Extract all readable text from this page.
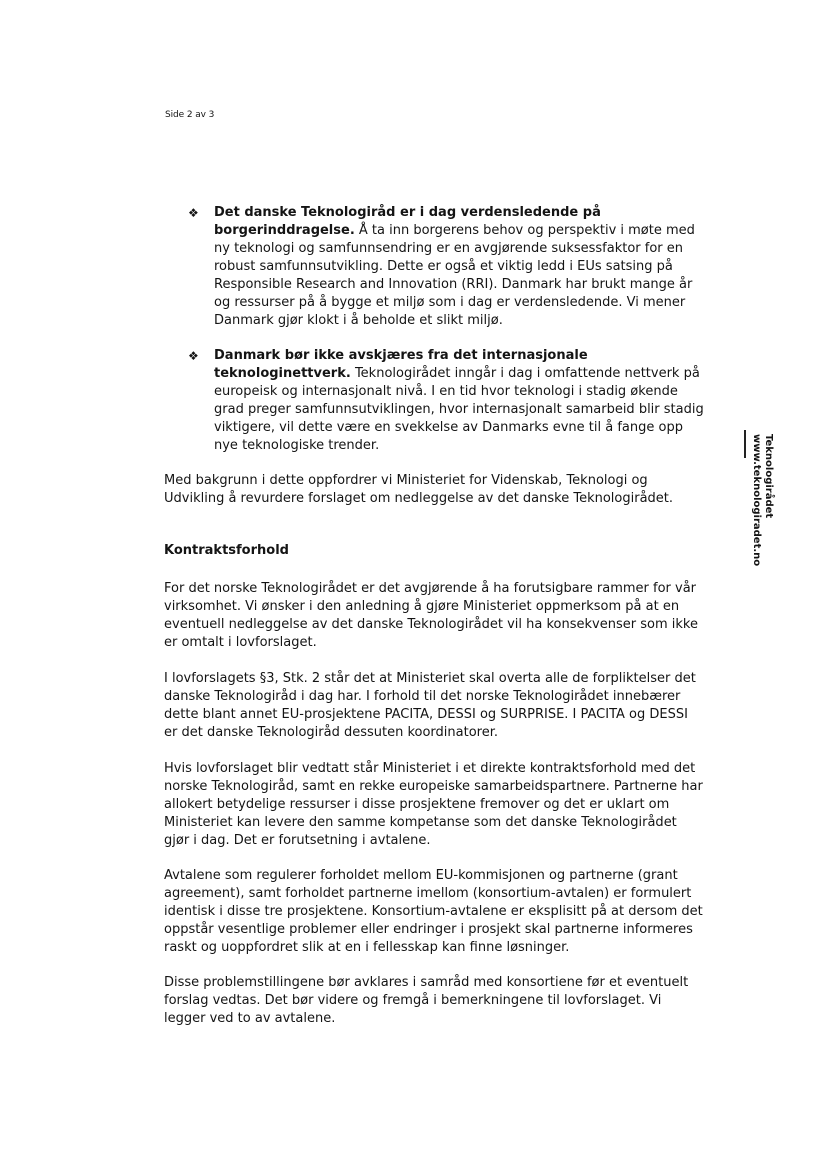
Side 2 av 3
❖ Det danske Teknologiråd er i dag verdensledende på borgerinddragelse. Å ta inn borgerens behov og perspektiv i møte med ny teknologi og samfunnsendring er en avgjørende suksessfaktor for en robust samfunnsutvikling. Dette er også et viktig ledd i EUs satsing på Responsible Research and Innovation (RRI). Danmark har brukt mange år og ressurser på å bygge et miljø som i dag er verdensledende. Vi mener Danmark gjør klokt i å beholde et slikt miljø.
❖ Danmark bør ikke avskjæres fra det internasjonale teknologinettverk. Teknologirådet inngår i dag i omfattende nettverk på europeisk og internasjonalt nivå. I en tid hvor teknologi i stadig økende grad preger samfunnsutviklingen, hvor internasjonalt samarbeid blir stadig viktigere, vil dette være en svekkelse av Danmarks evne til å fange opp nye teknologiske trender.

Med bakgrunn i dette oppfordrer vi Ministeriet for Videnskab, Teknologi og Udvikling å revurdere forslaget om nedleggelse av det danske Teknologirådet.

Kontraktsforhold

For det norske Teknologirådet er det avgjørende å ha forutsigbare rammer for vår virksomhet. Vi ønsker i den anledning å gjøre Ministeriet oppmerksom på at en eventuell nedleggelse av det danske Teknologirådet vil ha konsekvenser som ikke er omtalt i lovforslaget.

I lovforslagets §3, Stk. 2 står det at Ministeriet skal overta alle de forpliktelser det danske Teknologiråd i dag har. I forhold til det norske Teknologirådet innebærer dette blant annet EU-prosjektene PACITA, DESSI og SURPRISE. I PACITA og DESSI er det danske Teknologiråd dessuten koordinatorer.

Hvis lovforslaget blir vedtatt står Ministeriet i et direkte kontraktsforhold med det norske Teknologiråd, samt en rekke europeiske samarbeidspartnere. Partnerne har allokert betydelige ressurser i disse prosjektene fremover og det er uklart om Ministeriet kan levere den samme kompetanse som det danske Teknologirådet gjør i dag. Det er forutsetning i avtalene.

Avtalene som regulerer forholdet mellom EU-kommisjonen og partnerne (grant agreement), samt forholdet partnerne imellom (konsortium-avtalen) er formulert identisk i disse tre prosjektene. Konsortium-avtalene er eksplisitt på at dersom det oppstår vesentlige problemer eller endringer i prosjekt skal partnerne informeres raskt og uoppfordret slik at en i fellesskap kan finne løsninger.

Disse problemstillingene bør avklares i samråd med konsortiene før et eventuelt forslag vedtas. Det bør videre og fremgå i bemerkningene til lovforslaget. Vi legger ved to av avtalene.

Teknologirådet
www.teknologiradet.no
